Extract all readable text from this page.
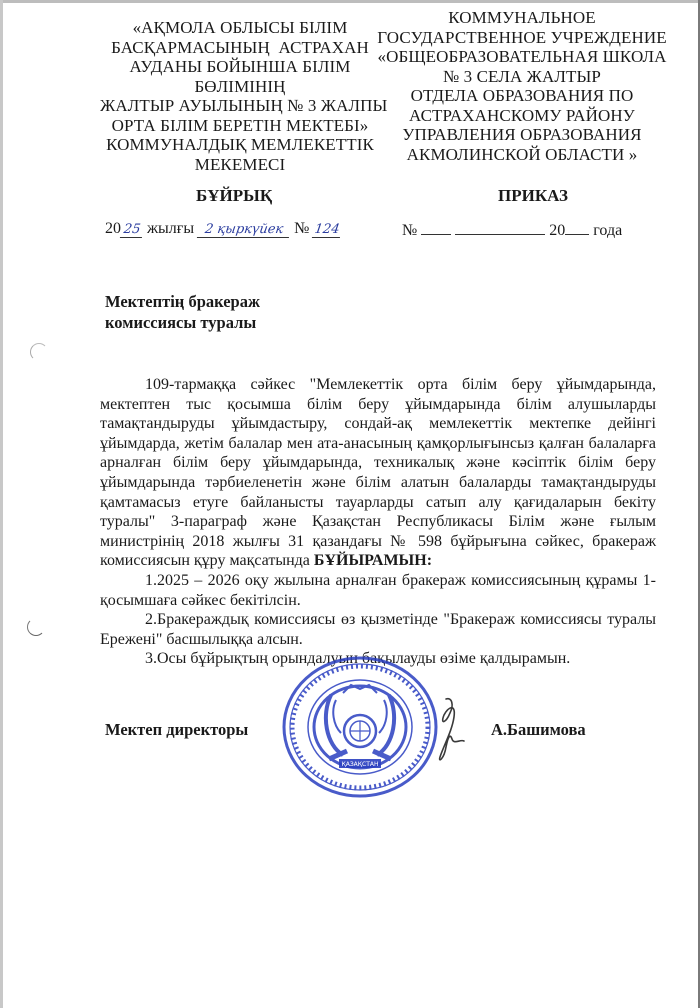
«АҚМОЛА ОБЛЫСЫ БІЛІМ
БАСҚАРМАСЫНЫҢ  АСТРАХАН
АУДАНЫ БОЙЫНША БІЛІМ
БӨЛІМІНІҢ
ЖАЛТЫР АУЫЛЫНЫҢ № 3 ЖАЛПЫ
ОРТА БІЛІМ БЕРЕТІН МЕКТЕБІ»
КОММУНАЛДЫҚ МЕМЛЕКЕТТІК
МЕКЕМЕСІ
КОММУНАЛЬНОЕ
ГОСУДАРСТВЕННОЕ УЧРЕЖДЕНИЕ
«ОБЩЕОБРАЗОВАТЕЛЬНАЯ ШКОЛА
№ 3 СЕЛА ЖАЛТЫР
ОТДЕЛА ОБРАЗОВАНИЯ ПО
АСТРАХАНСКОМУ РАЙОНУ
УПРАВЛЕНИЯ ОБРАЗОВАНИЯ
АКМОЛИНСКОЙ ОБЛАСТИ »
БҰЙРЫҚ	ПРИКАЗ
20 25 жылғы 2 қыркүйек № 124	№	20 года
Мектептің бракераж
комиссиясы туралы

109-тармаққа сәйкес "Мемлекеттік орта білім беру ұйымдарында, мектептен тыс қосымша білім беру ұйымдарында білім алушыларды тамақтандыруды ұйымдастыру, сондай-ақ мемлекеттік мектепке дейінгі ұйымдарда, жетім балалар мен ата-анасының қамқорлығынсыз қалған балаларға арналған білім беру ұйымдарында, техникалық және кәсіптік білім беру ұйымдарында тәрбиеленетін және білім алатын балаларды тамақтандыруды қамтамасыз етуге байланысты тауарларды сатып алу қағидаларын бекіту туралы" 3-параграф және Қазақстан Республикасы Білім және ғылым министрінің 2018 жылғы 31 қазандағы № 598 бұйрығына сәйкес, бракераж комиссиясын құру мақсатында БҰЙЫРАМЫН:

1.2025 – 2026 оқу жылына арналған бракераж комиссиясының құрамы 1-қосымшаға сәйкес бекітілсін.

2.Бракераждық комиссиясы өз қызметінде "Бракераж комиссиясы туралы Ережені" басшылыққа алсын.

3.Осы бұйрықтың орындалуын бақылауды өзіме қалдырамын.

Мектеп директоры	А.Башимова
ҚАЗАҚСТАН
